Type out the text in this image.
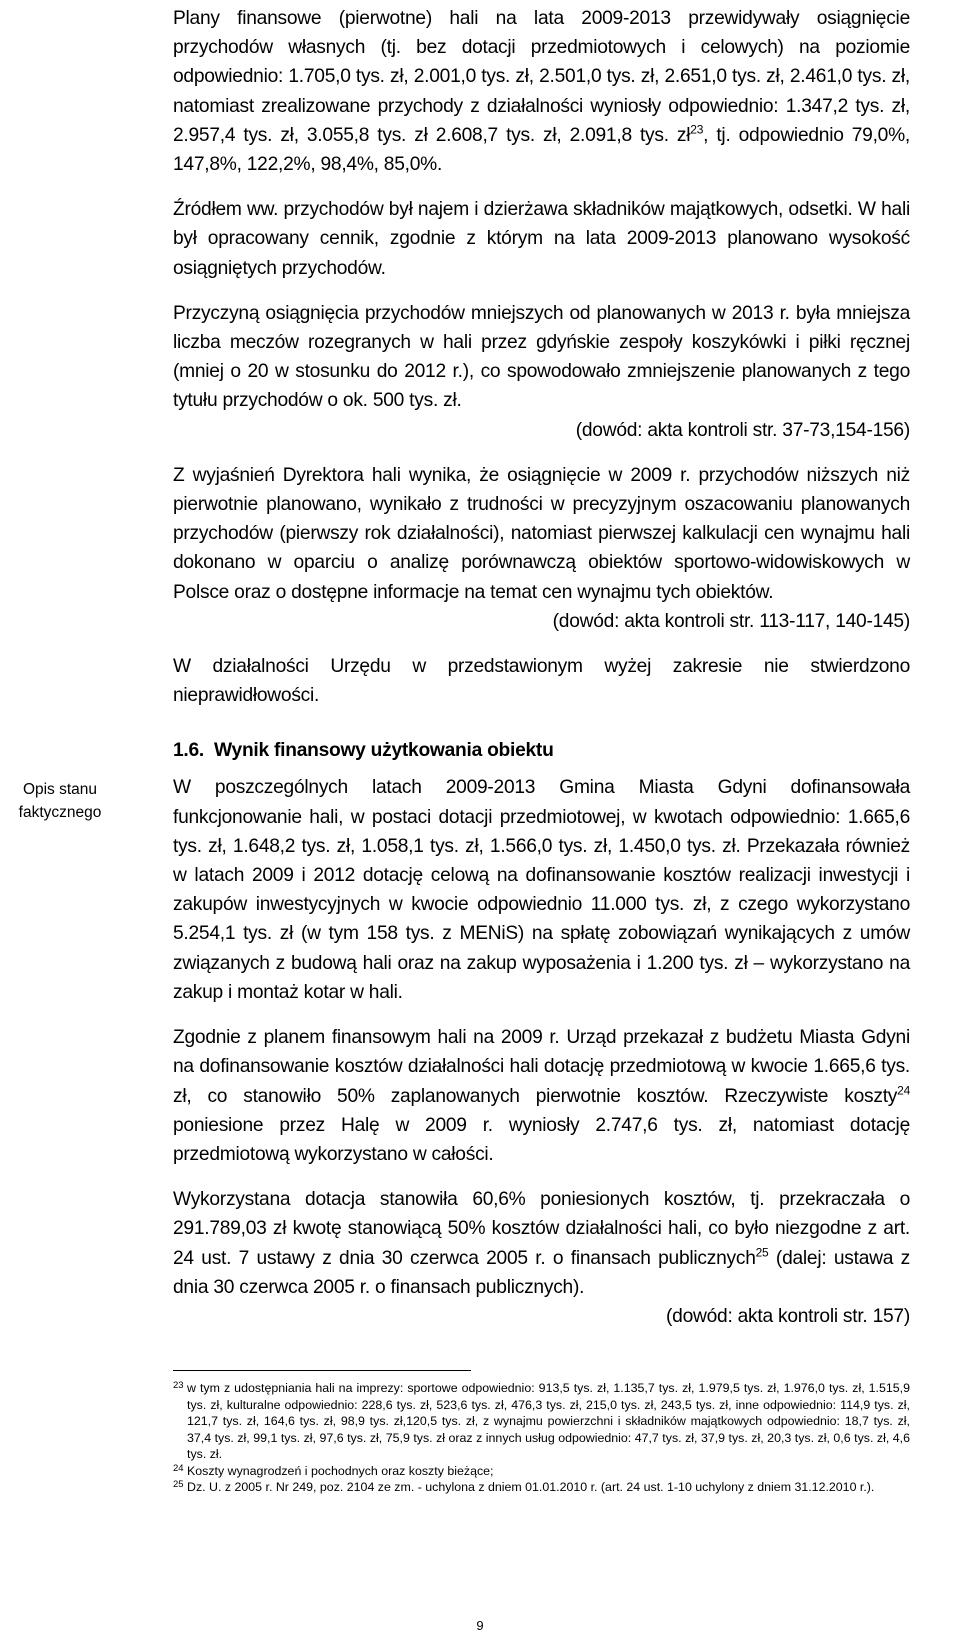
Plany finansowe (pierwotne) hali na lata 2009-2013 przewidywały osiągnięcie przychodów własnych (tj. bez dotacji przedmiotowych i celowych) na poziomie odpowiednio: 1.705,0 tys. zł, 2.001,0 tys. zł, 2.501,0 tys. zł, 2.651,0 tys. zł, 2.461,0 tys. zł, natomiast zrealizowane przychody z działalności wyniosły odpowiednio: 1.347,2 tys. zł, 2.957,4 tys. zł, 3.055,8 tys. zł 2.608,7 tys. zł, 2.091,8 tys. $zł^{23}$, tj. odpowiednio 79,0%, 147,8%, 122,2%, 98,4%, 85,0%.

Źródłem ww. przychodów był najem i dzierżawa składników majątkowych, odsetki. W hali był opracowany cennik, zgodnie z którym na lata 2009-2013 planowano wysokość osiągniętych przychodów.

Przyczyną osiągnięcia przychodów mniejszych od planowanych w 2013 r. była mniejsza liczba meczów rozegranych w hali przez gdyńskie zespoły koszykówki i piłki ręcznej (mniej o 20 w stosunku do 2012 r.), co spowodowało zmniejszenie planowanych z tego tytułu przychodów o ok. 500 tys. zł.

(dowód: akta kontroli str. 37-73,154-156)

Z wyjaśnień Dyrektora hali wynika, że osiągnięcie w 2009 r. przychodów niższych niż pierwotnie planowano, wynikało z trudności w precyzyjnym oszacowaniu planowanych przychodów (pierwszy rok działalności), natomiast pierwszej kalkulacji cen wynajmu hali dokonano w oparciu o analizę porównawczą obiektów sportowo-widowiskowych w Polsce oraz o dostępne informacje na temat cen wynajmu tych obiektów.

(dowód: akta kontroli str. 113-117, 140-145)

W działalności Urzędu w przedstawionym wyżej zakresie nie stwierdzono nieprawidłowości.

1.6. Wynik finansowy użytkowania obiektu

W poszczególnych latach 2009-2013 Gmina Miasta Gdyni dofinansowała funkcjonowanie hali, w postaci dotacji przedmiotowej, w kwotach odpowiednio: 1.665,6 tys. zł, 1.648,2 tys. zł, 1.058,1 tys. zł, 1.566,0 tys. zł, 1.450,0 tys. zł. Przekazała również w latach 2009 i 2012 dotację celową na dofinansowanie kosztów realizacji inwestycji i zakupów inwestycyjnych w kwocie odpowiednio 11.000 tys. zł, z czego wykorzystano 5.254,1 tys. zł (w tym 158 tys. z MENiS) na spłatę zobowiązań wynikających z umów związanych z budową hali oraz na zakup wyposażenia i 1.200 tys. zł – wykorzystano na zakup i montaż kotar w hali.

Zgodnie z planem finansowym hali na 2009 r. Urząd przekazał z budżetu Miasta Gdyni na dofinansowanie kosztów działalności hali dotację przedmiotową w kwocie 1.665,6 tys. zł, co stanowiło 50% zaplanowanych pierwotnie kosztów. Rzeczywiste koszty$^{24}$ poniesione przez Halę w 2009 r. wyniosły 2.747,6 tys. zł, natomiast dotację przedmiotową wykorzystano w całości.

Wykorzystana dotacja stanowiła 60,6% poniesionych kosztów, tj. przekraczała o 291.789,03 zł kwotę stanowiącą 50% kosztów działalności hali, co było niezgodne z art. 24 ust. 7 ustawy z dnia 30 czerwca 2005 r. o finansach publicznych$^{25}$ (dalej: ustawa z dnia 30 czerwca 2005 r. o finansach publicznych).

(dowód: akta kontroli str. 157)

Opis stanu
faktycznego

23 w tym z udostępniania hali na imprezy: sportowe odpowiednio: 913,5 tys. zł, 1.135,7 tys. zł, 1.979,5 tys. zł, 1.976,0 tys. zł, 1.515,9 tys. zł, kulturalne odpowiednio: 228,6 tys. zł, 523,6 tys. zł, 476,3 tys. zł, 215,0 tys. zł, 243,5 tys. zł, inne odpowiednio: 114,9 tys. zł, 121,7 tys. zł, 164,6 tys. zł, 98,9 tys. zł,120,5 tys. zł, z wynajmu powierzchni i składników majątkowych odpowiednio: 18,7 tys. zł, 37,4 tys. zł, 99,1 tys. zł, 97,6 tys. zł, 75,9 tys. zł oraz z innych usług odpowiednio: 47,7 tys. zł, 37,9 tys. zł, 20,3 tys. zł, 0,6 tys. zł, 4,6 tys. zł.

24 Koszty wynagrodzeń i pochodnych oraz koszty bieżące;

25 Dz. U. z 2005 r. Nr 249, poz. 2104 ze zm. - uchylona z dniem 01.01.2010 r. (art. 24 ust. 1-10 uchylony z dniem 31.12.2010 r.).

9
